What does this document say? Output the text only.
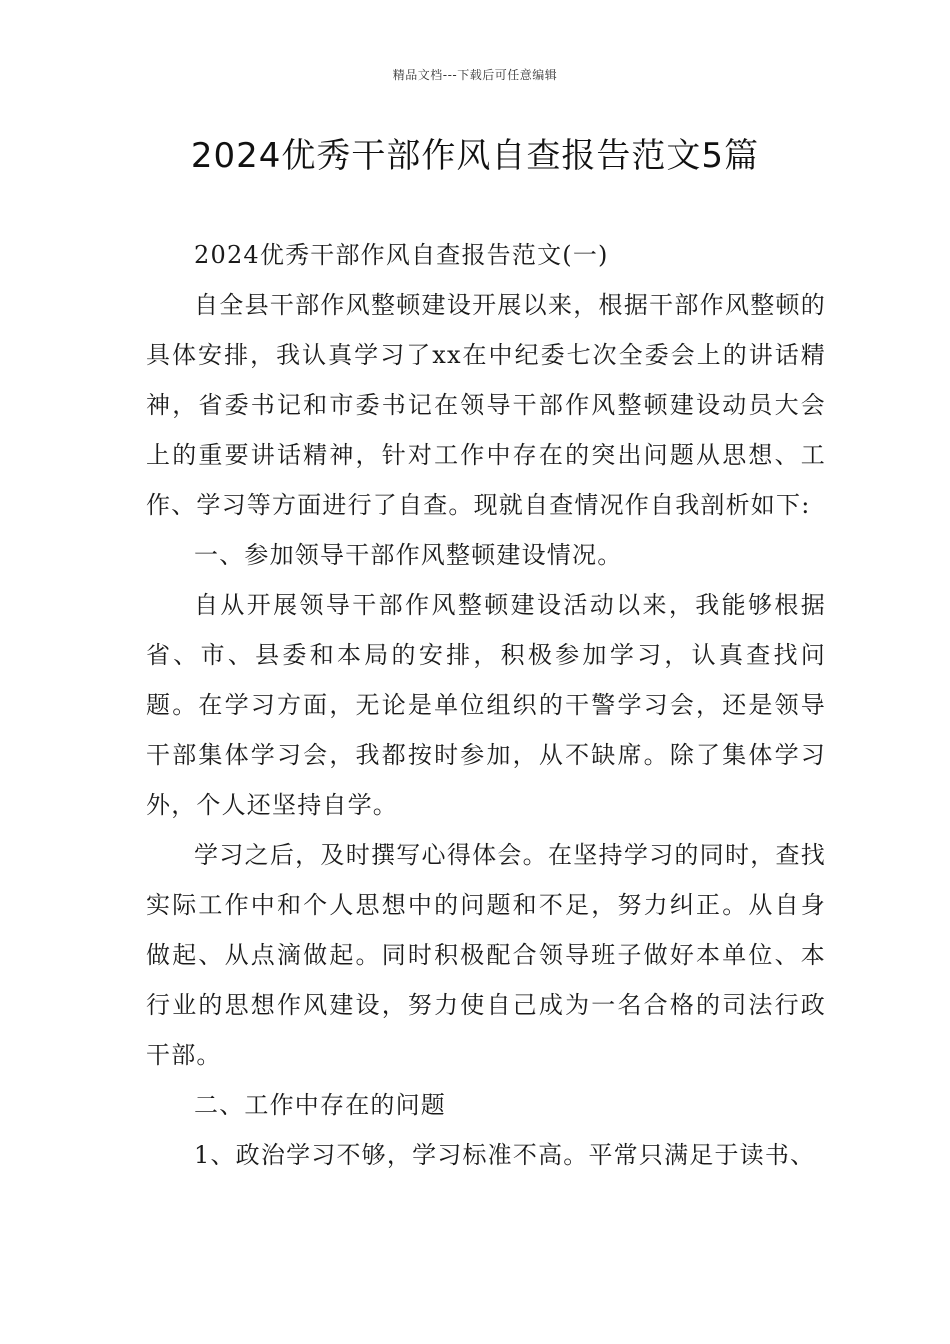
精品文档---下载后可任意编辑
2024优秀干部作风自查报告范文5篇

2024优秀干部作风自查报告范文(一)

自全县干部作风整顿建设开展以来，根据干部作风整顿的具体安排，我认真学习了xx在中纪委七次全委会上的讲话精神，省委书记和市委书记在领导干部作风整顿建设动员大会上的重要讲话精神，针对工作中存在的突出问题从思想、工作、学习等方面进行了自查。现就自查情况作自我剖析如下:

一、参加领导干部作风整顿建设情况。

自从开展领导干部作风整顿建设活动以来，我能够根据省、市、县委和本局的安排，积极参加学习，认真查找问题。在学习方面，无论是单位组织的干警学习会，还是领导干部集体学习会，我都按时参加，从不缺席。除了集体学习外，个人还坚持自学。

学习之后，及时撰写心得体会。在坚持学习的同时，查找实际工作中和个人思想中的问题和不足，努力纠正。从自身做起、从点滴做起。同时积极配合领导班子做好本单位、本行业的思想作风建设，努力使自己成为一名合格的司法行政干部。

二、工作中存在的问题

1、政治学习不够，学习标准不高。平常只满足于读书、
